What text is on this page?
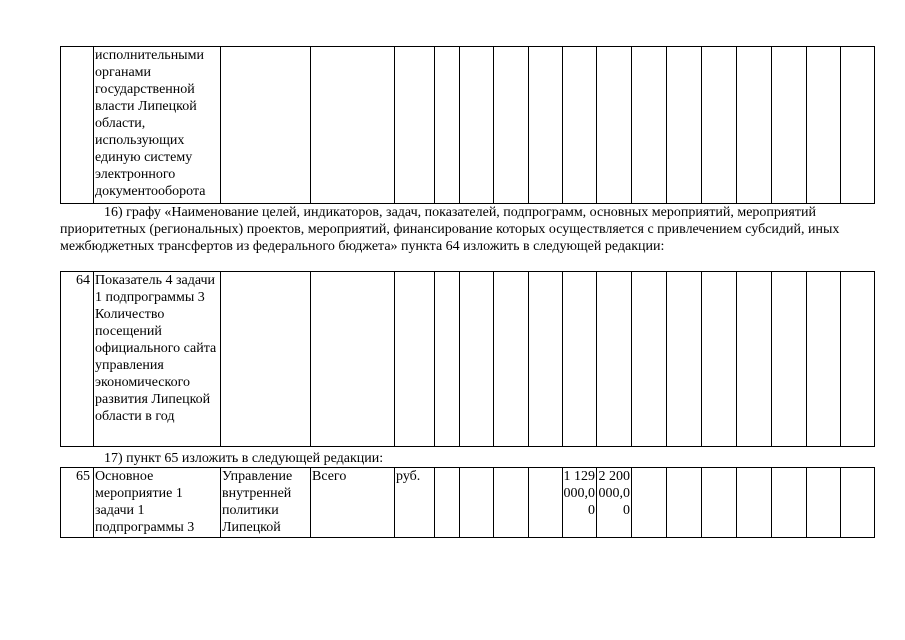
	исполнительными органами государственной власти Липецкой области, использующих единую систему электронного документооборота																

16) графу «Наименование целей, индикаторов, задач, показателей, подпрограмм, основных мероприятий, мероприятий приоритетных (региональных) проектов, мероприятий, финансирование которых осуществляется с привлечением субсидий, иных межбюджетных трансфертов из федерального бюджета» пункта 64 изложить в следующей редакции:

64	Показатель 4 задачи 1 подпрограммы 3 Количество посещений официального сайта управления экономического развития Липецкой области в год																

17) пункт 65 изложить в следующей редакции:

65	Основное мероприятие 1 задачи 1 подпрограммы 3	Управление внутренней политики Липецкой	Всего	руб.					1 129 000,00	2 200 000,00							
